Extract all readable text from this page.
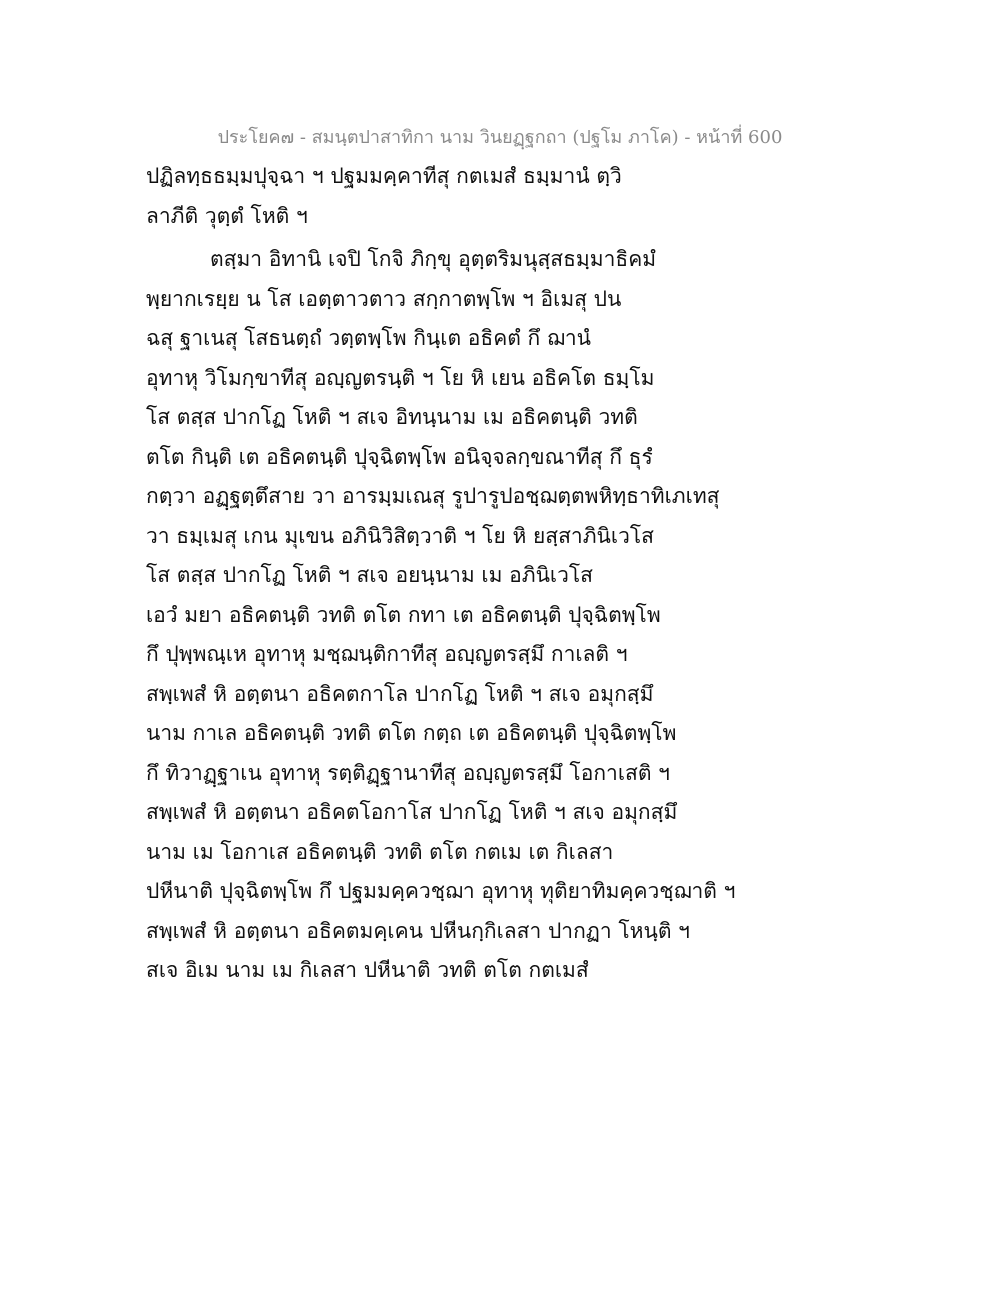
ประโยค๗ - สมนฺตปาสาทิกา นาม วินยฏฺฐกถา (ปฐโม ภาโค) - หน้าที่ 600
ปฏิลทฺธธมฺมปุจฺฉา ฯ ปฐมมคฺคาทีสุ กตเมสํ ธมฺมานํ ตฺวิ
ลาภีติ วุตฺตํ โหติ ฯ
ตสฺมา อิทานิ เจปิ โกจิ ภิกฺขุ อุตฺตริมนุสฺสธมฺมาธิคมํ
พฺยากเรยฺย น โส เอตฺตาวตาว สกฺกาตพฺโพ ฯ อิเมสุ ปน
ฉสุ ฐาเนสุ โสธนตฺถํ วตฺตพฺโพ กินฺเต อธิคตํ กึ ฌานํ
อุทาหุ วิโมกฺขาทีสุ อญฺญตรนฺติ ฯ โย หิ เยน อธิคโต ธมฺโม
โส ตสฺส ปากโฏ โหติ ฯ สเจ อิทนฺนาม เม อธิคตนฺติ วทติ
ตโต กินฺติ เต อธิคตนฺติ ปุจฺฉิตพฺโพ อนิจฺจลกฺขณาทีสุ กึ ธุรํ
กตฺวา อฏฺฐตฺตึสาย วา อารมฺมเณสุ รูปารูปอชฺฌตฺตพหิทฺธาทิเภเทสุ
วา ธมฺเมสุ เกน มุเขน อภินิวิสิตฺวาติ ฯ โย หิ ยสฺสาภินิเวโส
โส ตสฺส ปากโฏ โหติ ฯ สเจ อยนฺนาม เม อภินิเวโส
เอวํ มยา อธิคตนฺติ วทติ ตโต กทา เต อธิคตนฺติ ปุจฺฉิตพฺโพ
กึ ปุพฺพณฺเห อุทาหุ มชฺฌนฺติกาทีสุ อญฺญตรสฺมึ กาเลติ ฯ
สพฺเพสํ หิ อตฺตนา อธิคตกาโล ปากโฏ โหติ ฯ สเจ อมุกสฺมึ
นาม กาเล อธิคตนฺติ วทติ ตโต กตฺถ เต อธิคตนฺติ ปุจฺฉิตพฺโพ
กึ ทิวาฏฺฐาเน อุทาหุ รตฺติฏฺฐานาทีสุ อญฺญตรสฺมึ โอกาเสติ ฯ
สพฺเพสํ หิ อตฺตนา อธิคตโอกาโส ปากโฏ โหติ ฯ สเจ อมุกสฺมึ
นาม เม โอกาเส อธิคตนฺติ วทติ ตโต กตเม เต กิเลสา
ปหีนาติ ปุจฺฉิตพฺโพ กึ ปฐมมคฺควชฺฌา อุทาหุ ทุติยาทิมคฺควชฺฌาติ ฯ
สพฺเพสํ หิ อตฺตนา อธิคตมคฺเคน ปหีนกฺกิเลสา ปากฏา โหนฺติ ฯ
สเจ อิเม นาม เม กิเลสา ปหีนาติ วทติ ตโต กตเมสํ
